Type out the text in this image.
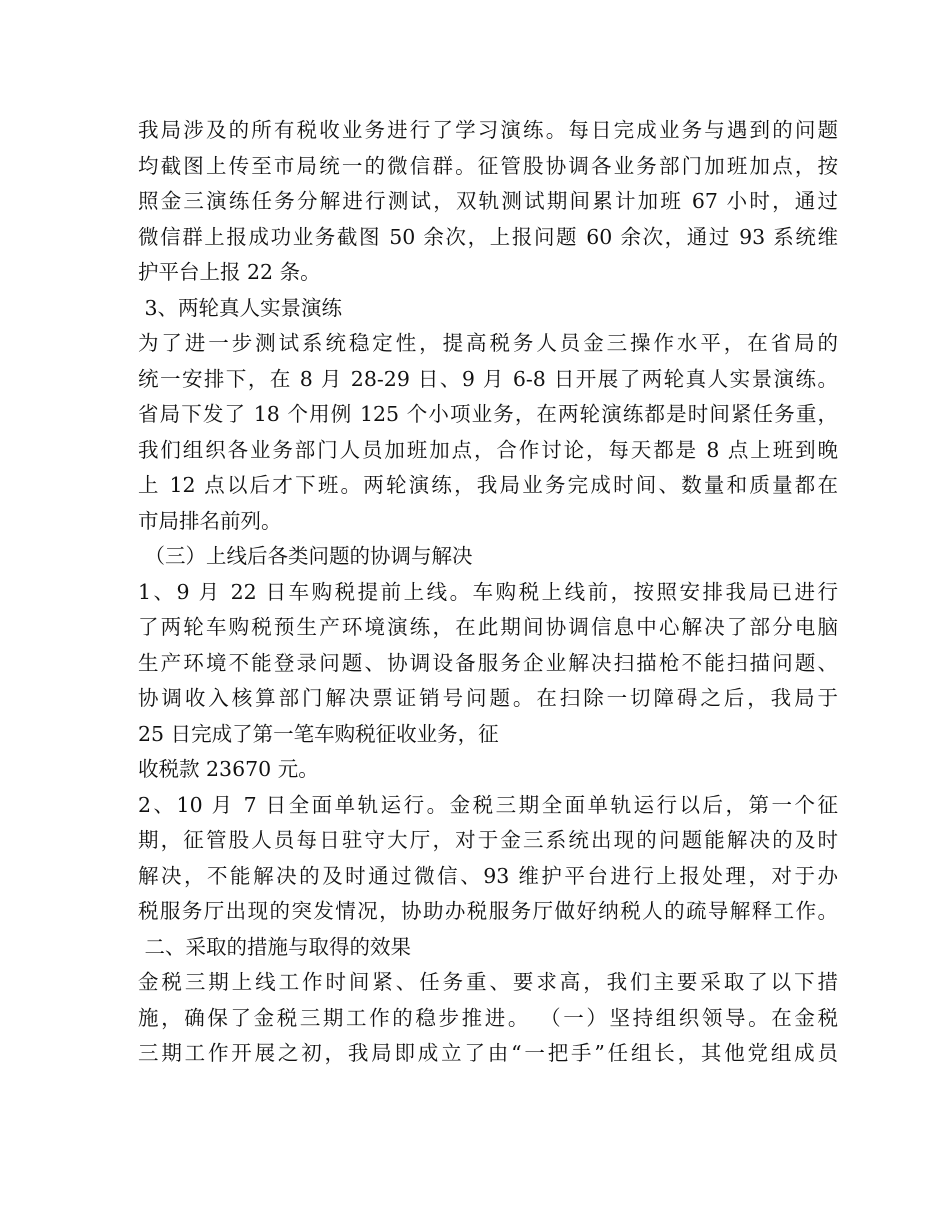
我局涉及的所有税收业务进行了学习演练。每日完成业务与遇到的问题
均截图上传至市局统一的微信群。征管股协调各业务部门加班加点，按
照金三演练任务分解进行测试，双轨测试期间累计加班 67 小时，通过
微信群上报成功业务截图 50 余次，上报问题 60 余次，通过 93 系统维
护平台上报 22 条。
3、两轮真人实景演练
为了进一步测试系统稳定性，提高税务人员金三操作水平，在省局的
统一安排下，在 8 月 28-29 日、9 月 6-8 日开展了两轮真人实景演练。
省局下发了 18 个用例 125 个小项业务，在两轮演练都是时间紧任务重，
我们组织各业务部门人员加班加点，合作讨论，每天都是 8 点上班到晚
上 12 点以后才下班。两轮演练，我局业务完成时间、数量和质量都在
市局排名前列。
（三）上线后各类问题的协调与解决
1、9 月 22 日车购税提前上线。车购税上线前，按照安排我局已进行
了两轮车购税预生产环境演练，在此期间协调信息中心解决了部分电脑
生产环境不能登录问题、协调设备服务企业解决扫描枪不能扫描问题、
协调收入核算部门解决票证销号问题。在扫除一切障碍之后，我局于
25 日完成了第一笔车购税征收业务，征
收税款 23670 元。
2、10 月 7 日全面单轨运行。金税三期全面单轨运行以后，第一个征
期，征管股人员每日驻守大厅，对于金三系统出现的问题能解决的及时
解决，不能解决的及时通过微信、93 维护平台进行上报处理，对于办
税服务厅出现的突发情况，协助办税服务厅做好纳税人的疏导解释工作。
二、采取的措施与取得的效果
金税三期上线工作时间紧、任务重、要求高，我们主要采取了以下措
施，确保了金税三期工作的稳步推进。 （一）坚持组织领导。在金税
三期工作开展之初，我局即成立了由“一把手”任组长，其他党组成员
